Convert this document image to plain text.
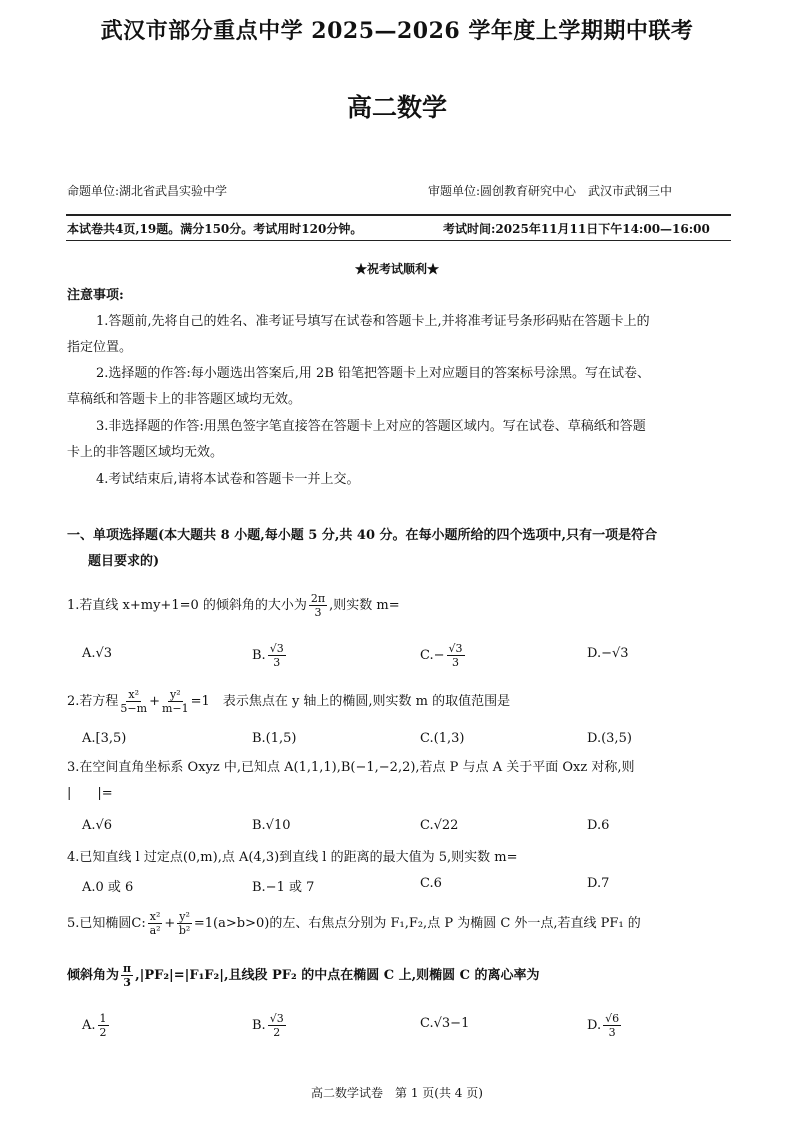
武汉市部分重点中学 2025—2026 学年度上学期期中联考
高二数学
命题单位:湖北省武昌实验中学	审题单位:圆创教育研究中心　武汉市武钢三中
本试卷共4页,19题。满分150分。考试用时120分钟。	考试时间:2025年11月11日下午14:00—16:00
★祝考试顺利★
注意事项:
1.答题前,先将自己的姓名、准考证号填写在试卷和答题卡上,并将准考证号条形码贴在答题卡上的
指定位置。
2.选择题的作答:每小题选出答案后,用 2B 铅笔把答题卡上对应题目的答案标号涂黑。写在试卷、
草稿纸和答题卡上的非答题区域均无效。
3.非选择题的作答:用黑色签字笔直接答在答题卡上对应的答题区域内。写在试卷、草稿纸和答题
卡上的非答题区域均无效。
4.考试结束后,请将本试卷和答题卡一并上交。
一、单项选择题(本大题共 8 小题,每小题 5 分,共 40 分。在每小题所给的四个选项中,只有一项是符合
题目要求的)
1.若直线 x+my+1=0 的倾斜角的大小为 $\frac{2\pi}{3}$ ,则实数 m=
A.√3	B. $\frac{√3}{3}$	$C.- \frac{√3}{3}$	D.−√3
2.若方程 $\frac{\text{x²}}{5-m} + \frac{\text{y²}}{m-1} =1$　 表示焦点在 y 轴上的椭圆,则实数 m 的取值范围是
A.[3,5)	B.(1,5)	C.(1,3)	D.(3,5)
3.在空间直角坐标系 Oxyz 中,已知点 A(1,1,1),B(−1,−2,2),若点 P 与点 A 关于平面 Oxz 对称,则
|　　|=
A.√6	B.√10	C.√22	D.6
4.已知直线 l 过定点(0,m),点 A(4,3)到直线 l 的距离的最大值为 5,则实数 m=
A.0 或 6	B.−1 或 7	C.6	D.7
5.已知椭圆C: $\frac{\text{x²}}{\text{a²}} + \frac{\text{y²}}{\text{b²}} =1(a>b>0)$的左、右焦点分别为 F₁,F₂,点 P 为椭圆 C 外一点,若直线 PF₁ 的
倾斜角为 $\frac{\pi}{3} ,|PF_2|=|F_1F_2|$,且线段 PF₂ 的中点在椭圆 C 上,则椭圆 C 的离心率为
A. $\frac{1}{2}$	B. $\frac{√3}{2}$	C.√3−1	D. $\frac{√6}{3}$
高二数学试卷　第 1 页(共 4 页)
